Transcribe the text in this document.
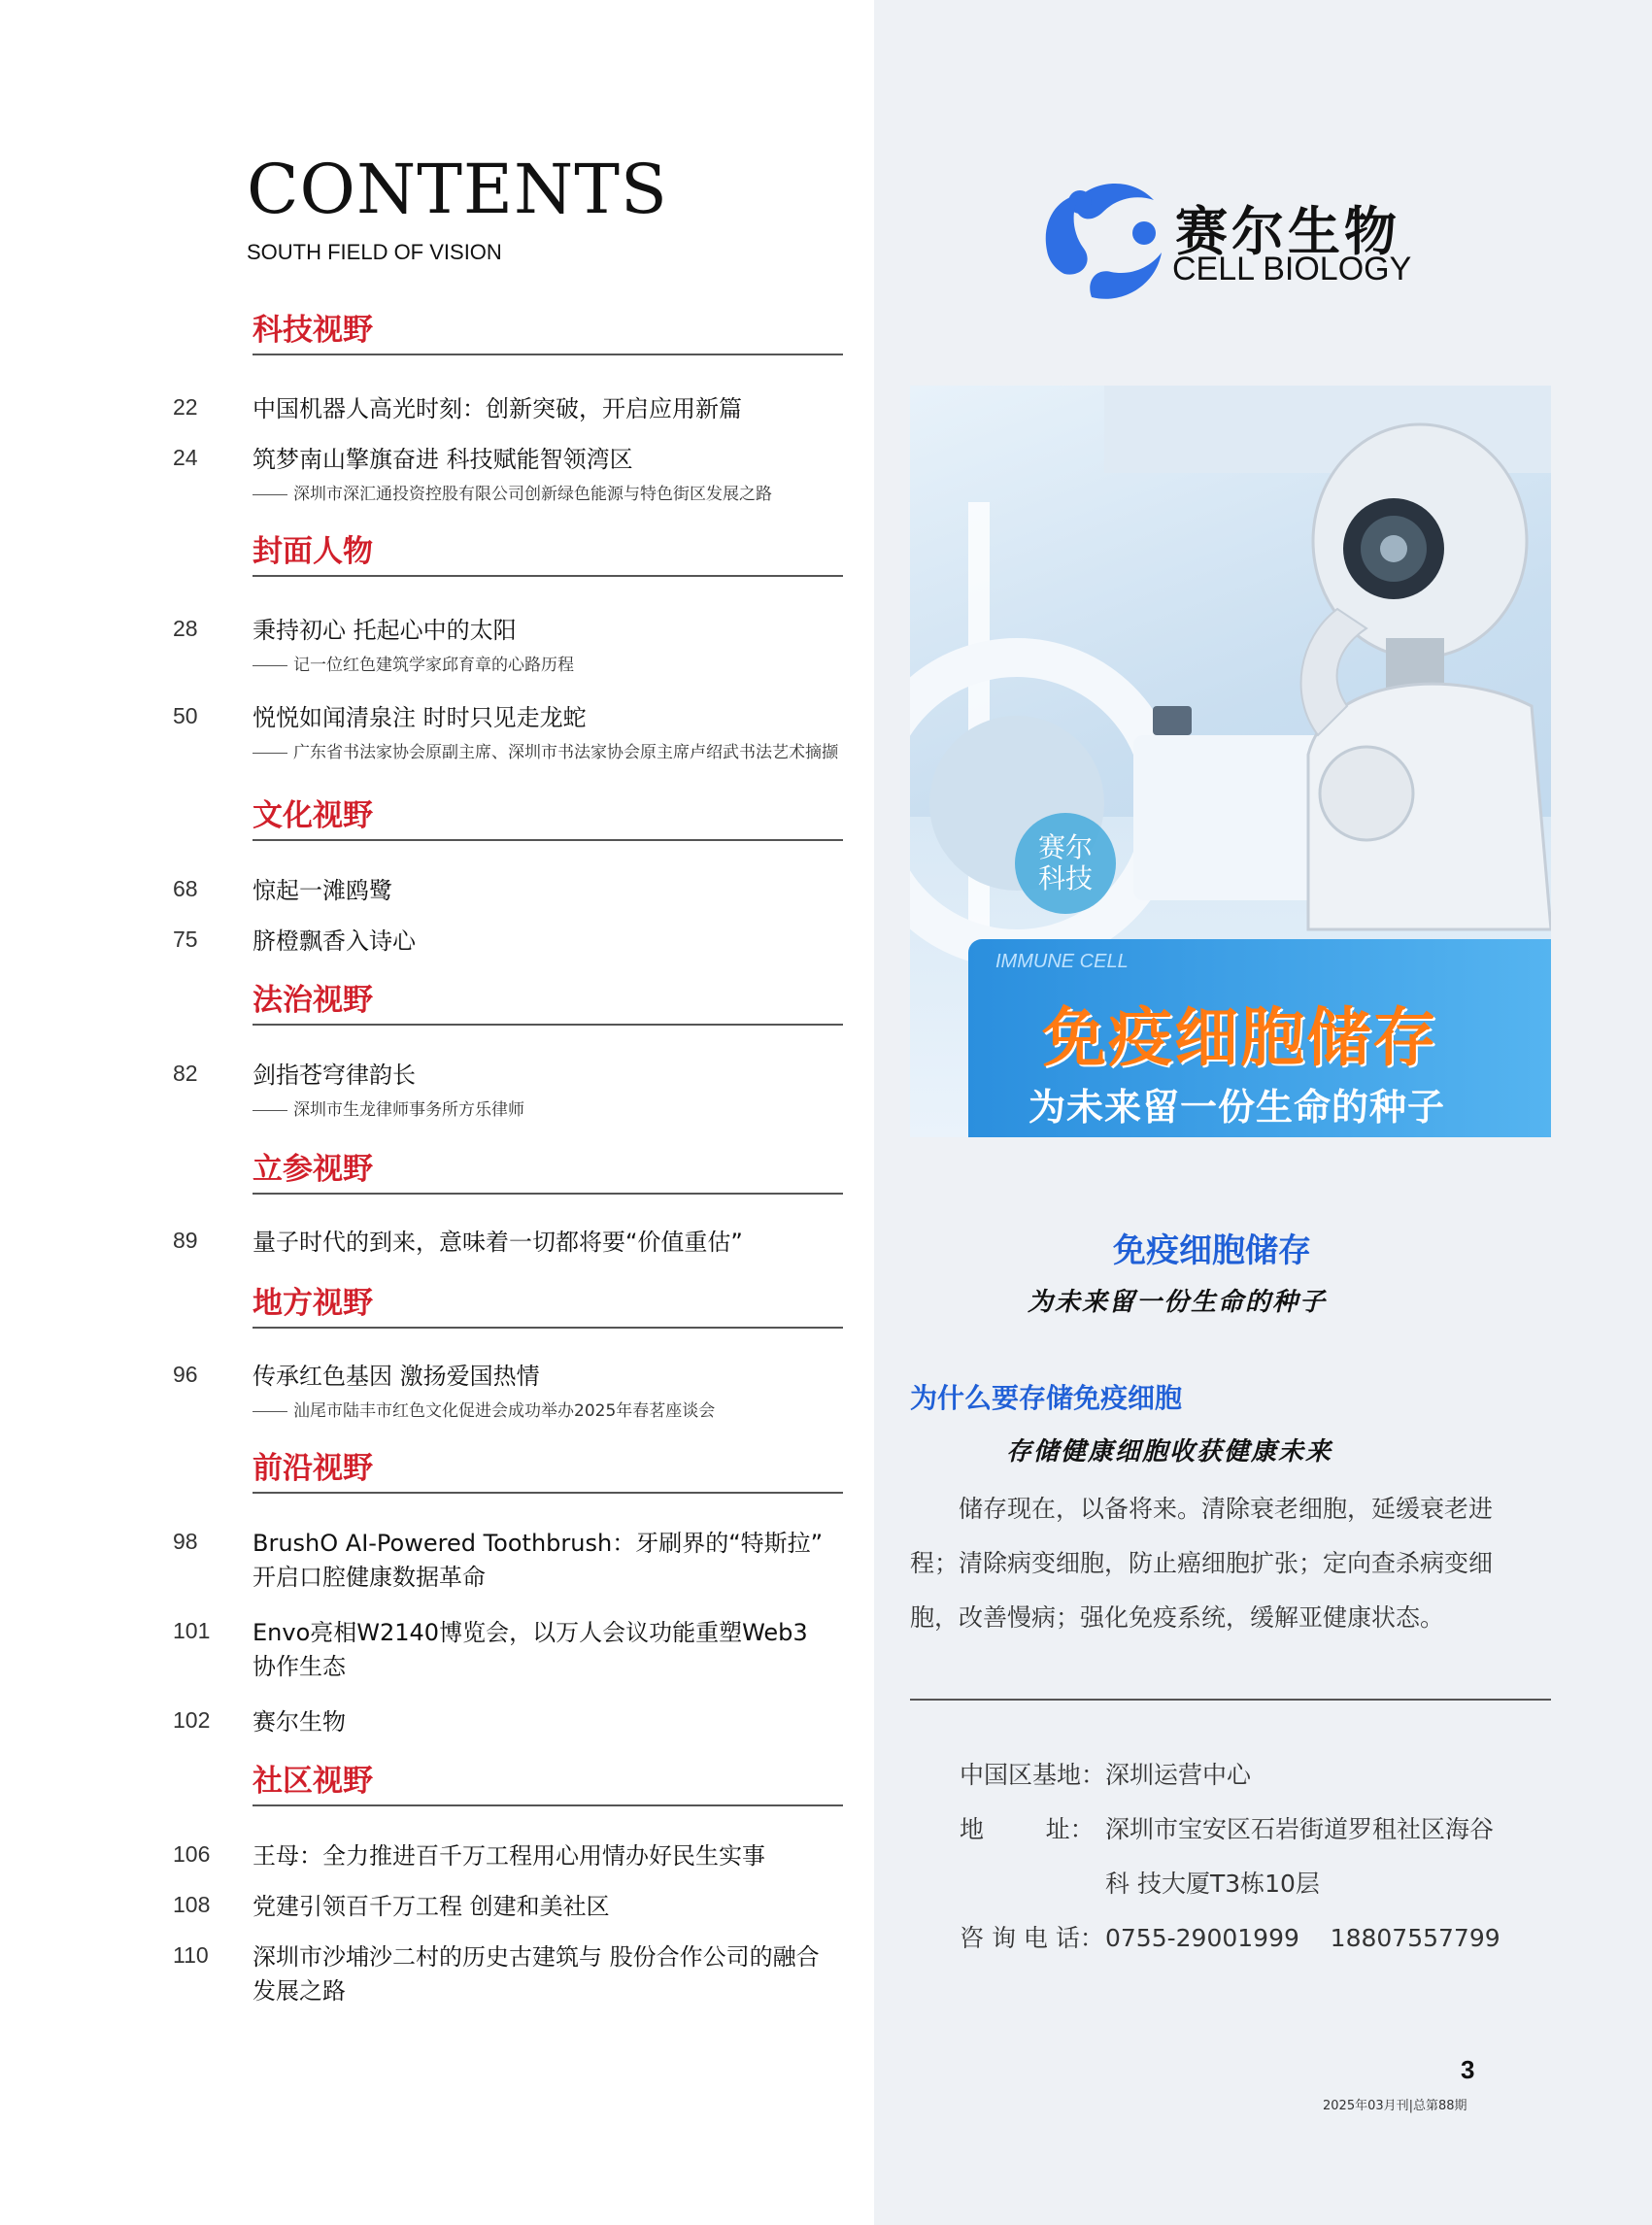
CONTENTS
SOUTH FIELD OF VISION
科技视野
22	中国机器人高光时刻：创新突破，开启应用新篇
24	筑梦南山擎旗奋进 科技赋能智领湾区
深圳市深汇通投资控股有限公司创新绿色能源与特色街区发展之路
封面人物
28	秉持初心 托起心中的太阳
记一位红色建筑学家邱育章的心路历程
50	悦悦如闻清泉注 时时只见走龙蛇
广东省书法家协会原副主席、深圳市书法家协会原主席卢绍武书法艺术摘撷
文化视野
68	惊起一滩鸥鹭
75	脐橙飘香入诗心
法治视野
82	剑指苍穹律韵长
深圳市生龙律师事务所方乐律师
立参视野
89	量子时代的到来，意味着一切都将要“价值重估”
地方视野
96	传承红色基因 激扬爱国热情
汕尾市陆丰市红色文化促进会成功举办2025年春茗座谈会
前沿视野
98	BrushO AI-Powered Toothbrush：牙刷界的“特斯拉”
开启口腔健康数据革命
101	Envo亮相W2140博览会，以万人会议功能重塑Web3
协作生态
102	赛尔生物
社区视野
106	王母：全力推进百千万工程用心用情办好民生实事
108	党建引领百千万工程 创建和美社区
110	深圳市沙埔沙二村的历史古建筑与 股份合作公司的融合
发展之路
赛尔生物
CELL BIOLOGY
赛尔
科技
IMMUNE CELL
免疫细胞储存
为未来留一份生命的种子
免疫细胞储存
为未来留一份生命的种子
为什么要存储免疫细胞
存储健康细胞收获健康未来
储存现在，以备将来。清除衰老细胞，延缓衰老进程；清除病变细胞，防止癌细胞扩张；定向查杀病变细胞，改善慢病；强化免疫系统，缓解亚健康状态。
中国区基地：深圳运营中心
地        址： 深圳市宝安区石岩街道罗租社区海谷
科 技大厦T3栋10层
咨 询 电 话：0755-29001999    18807557799
3
2025年03月刊|总第88期
